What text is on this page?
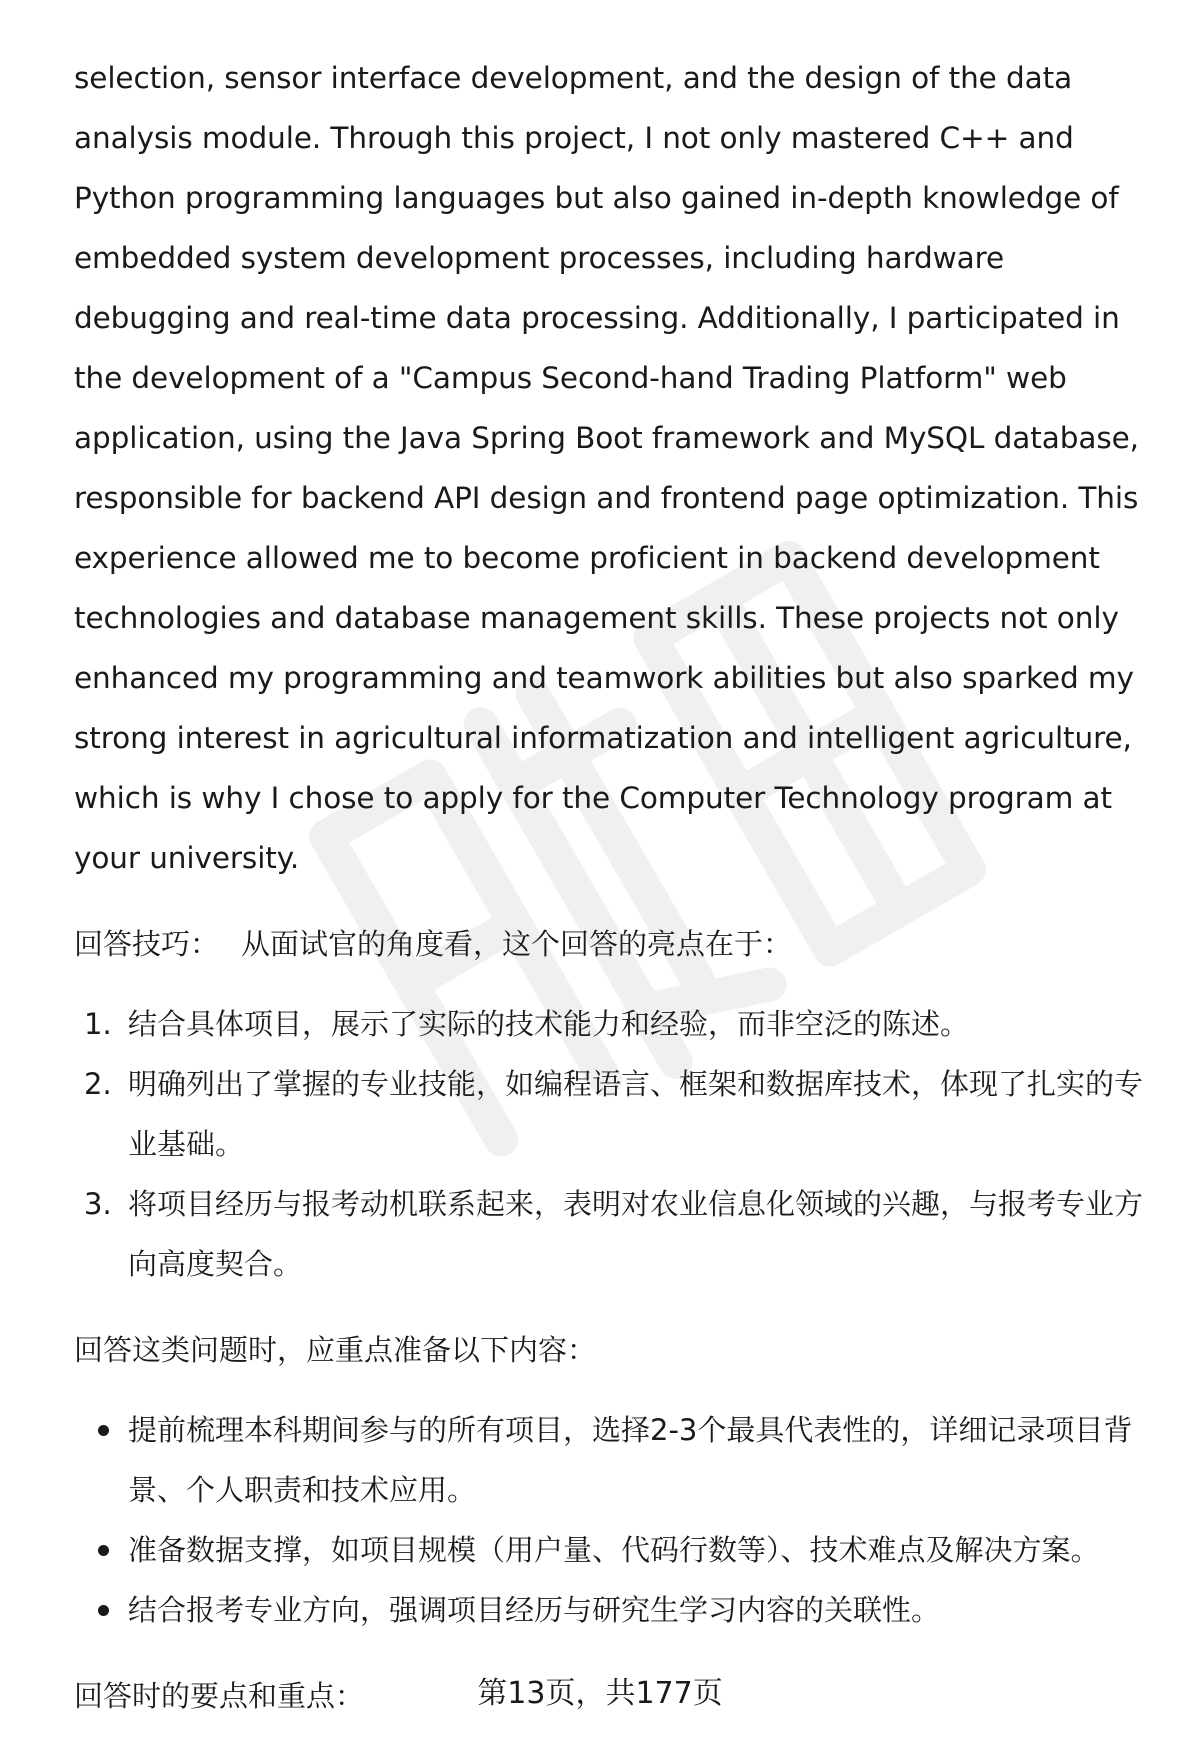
selection, sensor interface development, and the design of the data analysis module. Through this project, I not only mastered C++ and Python programming languages but also gained in-depth knowledge of embedded system development processes, including hardware debugging and real-time data processing. Additionally, I participated in the development of a "Campus Second-hand Trading Platform" web application, using the Java Spring Boot framework and MySQL database, responsible for backend API design and frontend page optimization. This experience allowed me to become proficient in backend development technologies and database management skills. These projects not only enhanced my programming and teamwork abilities but also sparked my strong interest in agricultural informatization and intelligent agriculture, which is why I chose to apply for the Computer Technology program at your university.

回答技巧： 从面试官的角度看，这个回答的亮点在于：

1. 结合具体项目，展示了实际的技术能力和经验，而非空泛的陈述。
2. 明确列出了掌握的专业技能，如编程语言、框架和数据库技术，体现了扎实的专业基础。
3. 将项目经历与报考动机联系起来，表明对农业信息化领域的兴趣，与报考专业方向高度契合。

回答这类问题时，应重点准备以下内容：

提前梳理本科期间参与的所有项目，选择2-3个最具代表性的，详细记录项目背景、个人职责和技术应用。
准备数据支撑，如项目规模（用户量、代码行数等）、技术难点及解决方案。
结合报考专业方向，强调项目经历与研究生学习内容的关联性。

回答时的要点和重点：	第13页，共177页
